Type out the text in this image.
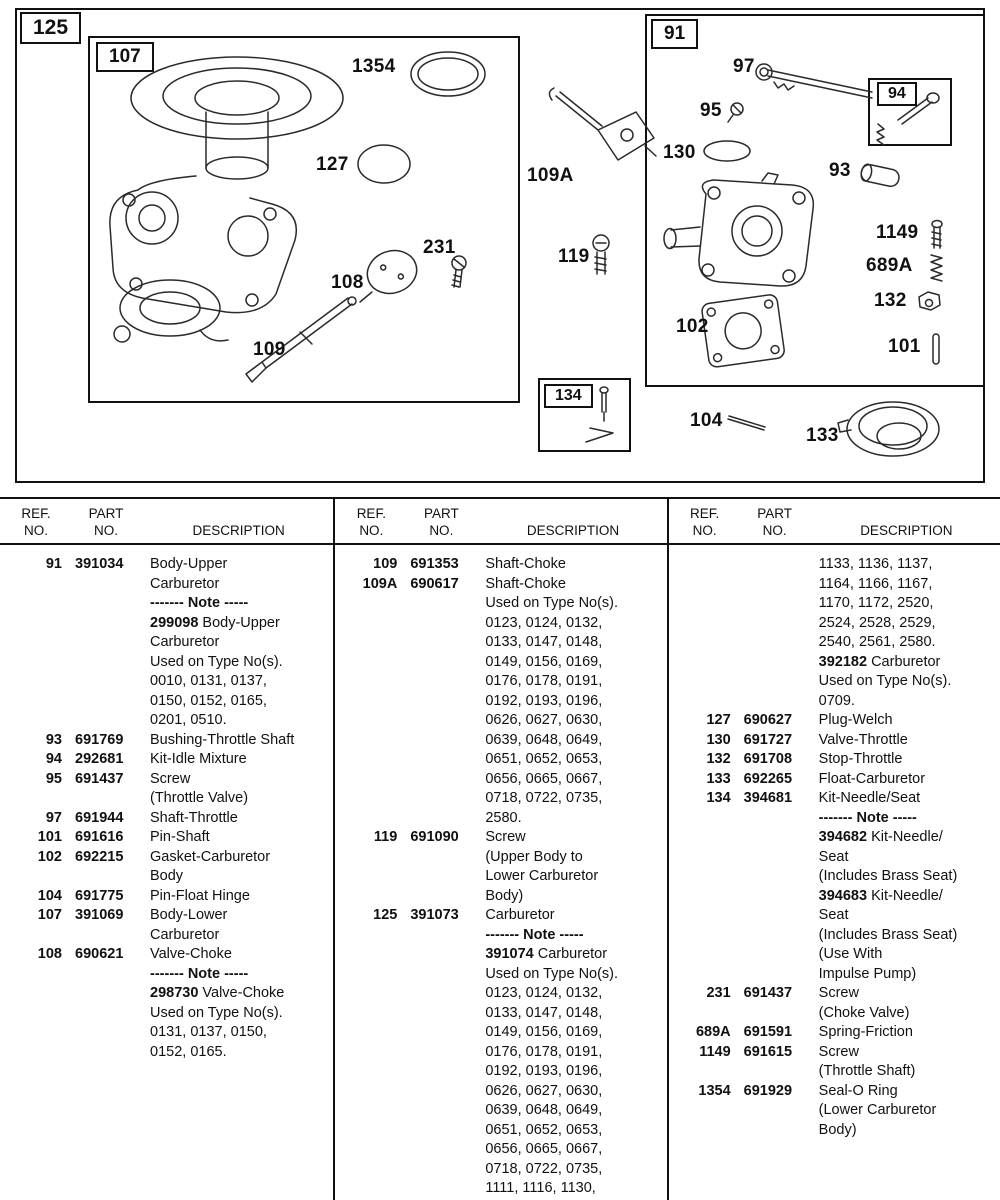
125
107
91
94
134
1354
127
231
108
109
109A
119
97
95
130
93
1149
689A
132
101
102
104
133
REF.
NO.
PART
NO.	DESCRIPTION
91 391034	Body-Upper
Carburetor
------- Note -----
299098 Body-Upper
Carburetor
Used on Type No(s).
0010, 0131, 0137,
0150, 0152, 0165,
0201, 0510.
93 691769	Bushing-Throttle Shaft
94 292681	Kit-Idle Mixture
95 691437	Screw
(Throttle Valve)
97 691944	Shaft-Throttle
101 691616	Pin-Shaft
102 692215	Gasket-Carburetor
Body
104 691775	Pin-Float Hinge
107 391069	Body-Lower
Carburetor
108 690621	Valve-Choke
------- Note -----
298730 Valve-Choke
Used on Type No(s).
0131, 0137, 0150,
0152, 0165.
REF.
NO.
PART
NO.	DESCRIPTION
109 691353	Shaft-Choke
109A 690617	Shaft-Choke
Used on Type No(s).
0123, 0124, 0132,
0133, 0147, 0148,
0149, 0156, 0169,
0176, 0178, 0191,
0192, 0193, 0196,
0626, 0627, 0630,
0639, 0648, 0649,
0651, 0652, 0653,
0656, 0665, 0667,
0718, 0722, 0735,
2580.
119 691090	Screw
(Upper Body to
Lower Carburetor
Body)
125 391073	Carburetor
------- Note -----
391074 Carburetor
Used on Type No(s).
0123, 0124, 0132,
0133, 0147, 0148,
0149, 0156, 0169,
0176, 0178, 0191,
0192, 0193, 0196,
0626, 0627, 0630,
0639, 0648, 0649,
0651, 0652, 0653,
0656, 0665, 0667,
0718, 0722, 0735,
1111, 1116, 1130,
REF.
NO.
PART
NO.	DESCRIPTION
1133, 1136, 1137,
1164, 1166, 1167,
1170, 1172, 2520,
2524, 2528, 2529,
2540, 2561, 2580.
392182 Carburetor
Used on Type No(s).
0709.
127 690627	Plug-Welch
130 691727	Valve-Throttle
132 691708	Stop-Throttle
133 692265	Float-Carburetor
134 394681	Kit-Needle/Seat
------- Note -----
394682 Kit-Needle/
Seat
(Includes Brass Seat)
394683 Kit-Needle/
Seat
(Includes Brass Seat)
(Use With
Impulse Pump)
231 691437	Screw
(Choke Valve)
689A 691591	Spring-Friction
1149 691615	Screw
(Throttle Shaft)
1354 691929	Seal-O Ring
(Lower Carburetor
Body)
